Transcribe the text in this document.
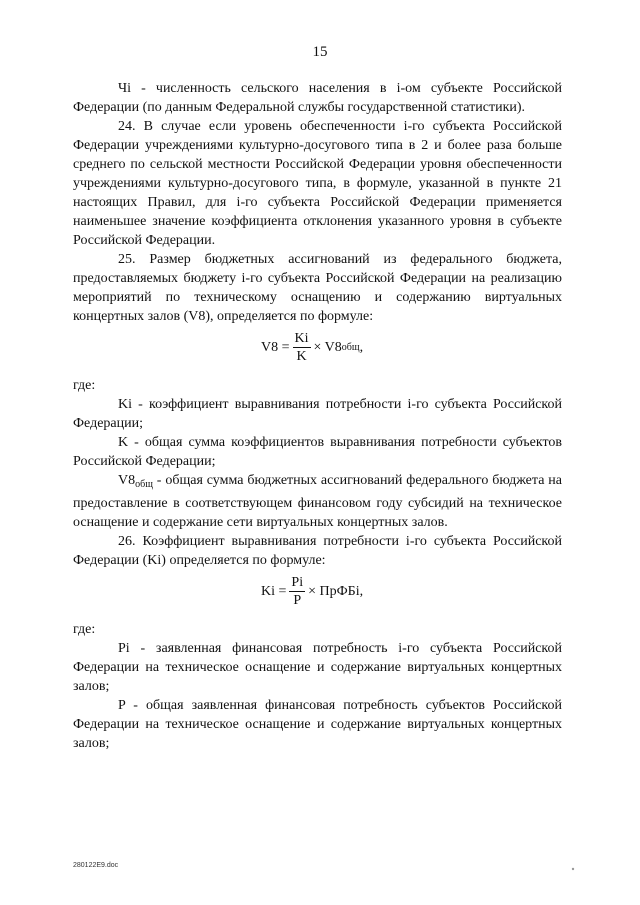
15

Чi - численность сельского населения в i-ом субъекте Российской Федерации (по данным Федеральной службы государственной статистики).

24. В случае если уровень обеспеченности i-го субъекта Российской Федерации учреждениями культурно-досугового типа в 2 и более раза больше среднего по сельской местности Российской Федерации уровня обеспеченности учреждениями культурно-досугового типа, в формуле, указанной в пункте 21 настоящих Правил, для i-го субъекта Российской Федерации применяется наименьшее значение коэффициента отклонения указанного уровня в субъекте Российской Федерации.

25. Размер бюджетных ассигнований из федерального бюджета, предоставляемых бюджету i-го субъекта Российской Федерации на реализацию мероприятий по техническому оснащению и содержанию виртуальных концертных залов (V8), определяется по формуле:

$V8 = \frac{Ki}{K} \times V8$ общ ,

где:

Ki - коэффициент выравнивания потребности i-го субъекта Российской Федерации;

K - общая сумма коэффициентов выравнивания потребности субъектов Российской Федерации;

$V8_{общ}$ - общая сумма бюджетных ассигнований федерального бюджета на предоставление в соответствующем финансовом году субсидий на техническое оснащение и содержание сети виртуальных концертных залов.

26. Коэффициент выравнивания потребности i-го субъекта Российской Федерации (Ki) определяется по формуле:

$Ki = \frac{Pi}{P}$ × ПрФБi ,

где:

Pi - заявленная финансовая потребность i-го субъекта Российской Федерации на техническое оснащение и содержание виртуальных концертных залов;

P - общая заявленная финансовая потребность субъектов Российской Федерации на техническое оснащение и содержание виртуальных концертных залов;

280122E9.doc
